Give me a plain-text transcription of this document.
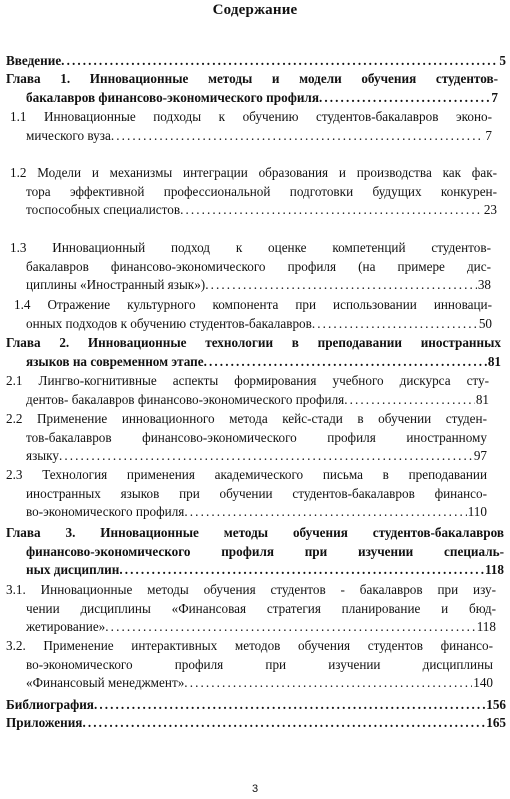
Содержание
Введение . . .	5
Глава 1. Инновационные методы и модели обучения студентов-
бакалавров финансово-экономического профиля . . .	7
1.1 Инновационные подходы к обучению студентов-бакалавров эконо-
мического вуза . . .	7
1.2 Модели и механизмы интеграции образования и производства как фак-
тора эффективной профессиональной подготовки будущих конкурен-
тоспособных специалистов . . .	23
1.3 Инновационный подход к оценке компетенций студентов-
бакалавров финансово-экономического профиля (на примере дис-
циплины «Иностранный язык») . . .	38
1.4 Отражение культурного компонента при использовании инноваци-
онных подходов к обучению студентов-бакалавров . . .	50
Глава 2. Инновационные технологии в преподавании иностранных
языков на современном этапе . . .	81
2.1 Лингво-когнитивные аспекты формирования учебного дискурса сту-
дентов- бакалавров финансово-экономического профиля . . .	81
2.2 Применение инновационного метода кейс-стади в обучении студен-
тов-бакалавров финансово-экономического профиля иностранному
языку . . .	97
2.3 Технология применения академического письма в преподавании
иностранных языков при обучении студентов-бакалавров финансо-
во-экономического профиля . . .	110
Глава 3. Инновационные методы обучения студентов-бакалавров
финансово-экономического профиля при изучении специаль-
ных дисциплин . . .	118
3.1. Инновационные методы обучения студентов - бакалавров при изу-
чении дисциплины «Финансовая стратегия планирование и бюд-
жетирование» . . .	118
3.2. Применение интерактивных методов обучения студентов финансо-
во-экономического профиля при изучении дисциплины
«Финансовый менеджмент» . . .	140
Библиография . . .	156
Приложения . . .	165
3
